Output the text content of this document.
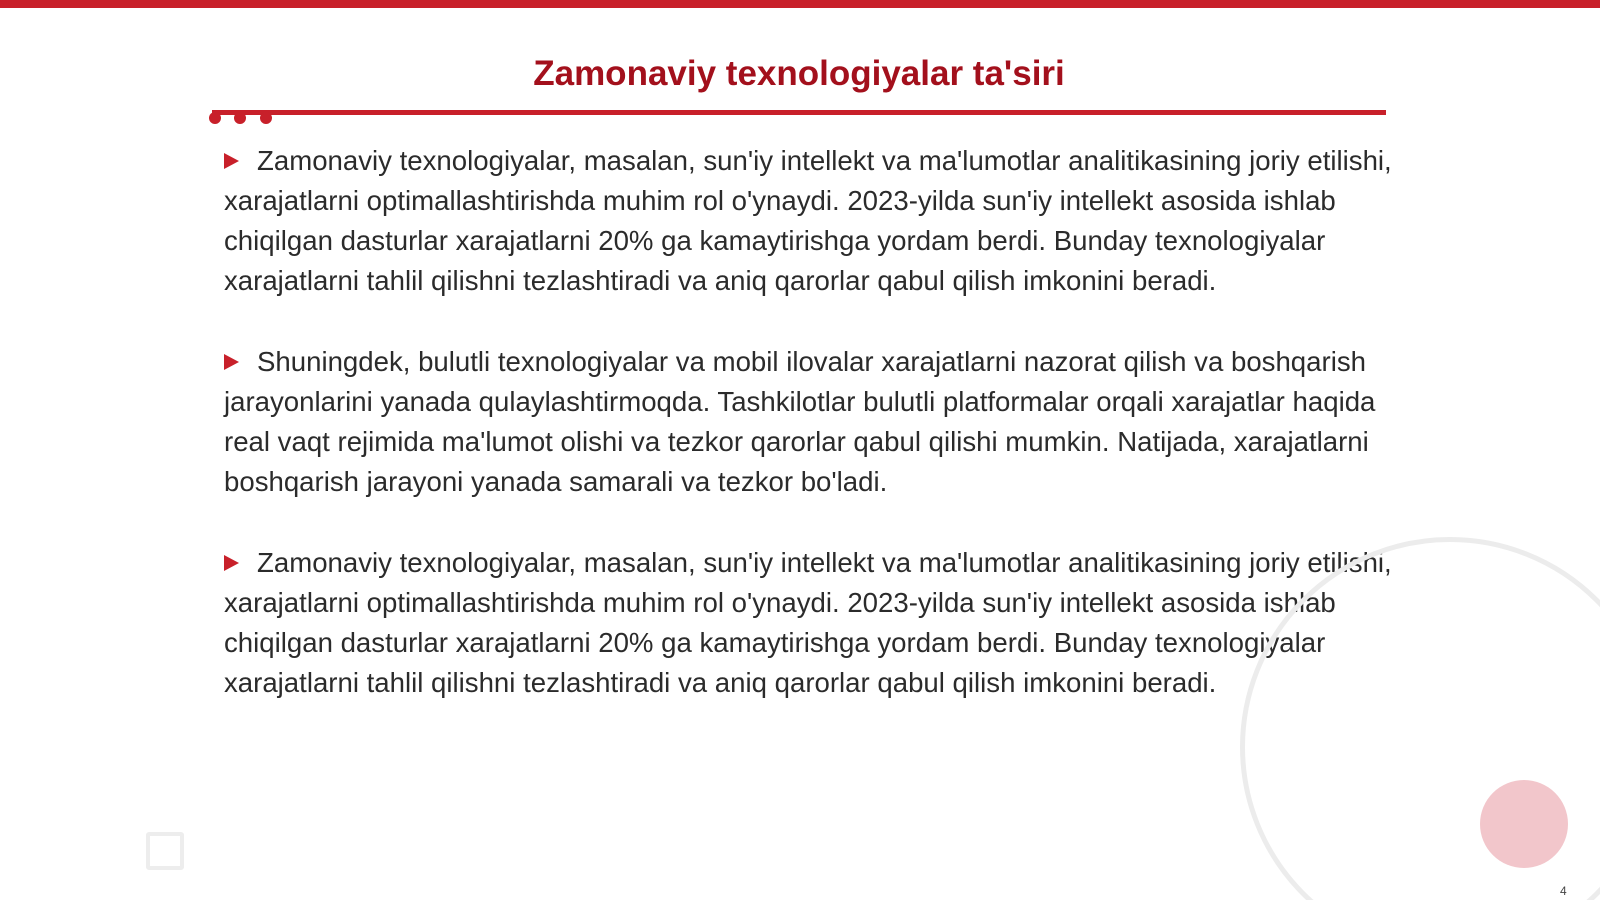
Zamonaviy texnologiyalar ta'siri

Zamonaviy texnologiyalar, masalan, sun'iy intellekt va ma'lumotlar analitikasining joriy etilishi, xarajatlarni optimallashtirishda muhim rol o'ynaydi. 2023-yilda sun'iy intellekt asosida ishlab chiqilgan dasturlar xarajatlarni 20% ga kamaytirishga yordam berdi. Bunday texnologiyalar xarajatlarni tahlil qilishni tezlashtiradi va aniq qarorlar qabul qilish imkonini beradi.

Shuningdek, bulutli texnologiyalar va mobil ilovalar xarajatlarni nazorat qilish va boshqarish jarayonlarini yanada qulaylashtirmoqda. Tashkilotlar bulutli platformalar orqali xarajatlar haqida real vaqt rejimida ma'lumot olishi va tezkor qarorlar qabul qilishi mumkin. Natijada, xarajatlarni boshqarish jarayoni yanada samarali va tezkor bo'ladi.

Zamonaviy texnologiyalar, masalan, sun'iy intellekt va ma'lumotlar analitikasining joriy etilishi, xarajatlarni optimallashtirishda muhim rol o'ynaydi. 2023-yilda sun'iy intellekt asosida ishlab chiqilgan dasturlar xarajatlarni 20% ga kamaytirishga yordam berdi. Bunday texnologiyalar xarajatlarni tahlil qilishni tezlashtiradi va aniq qarorlar qabul qilish imkonini beradi.

4
